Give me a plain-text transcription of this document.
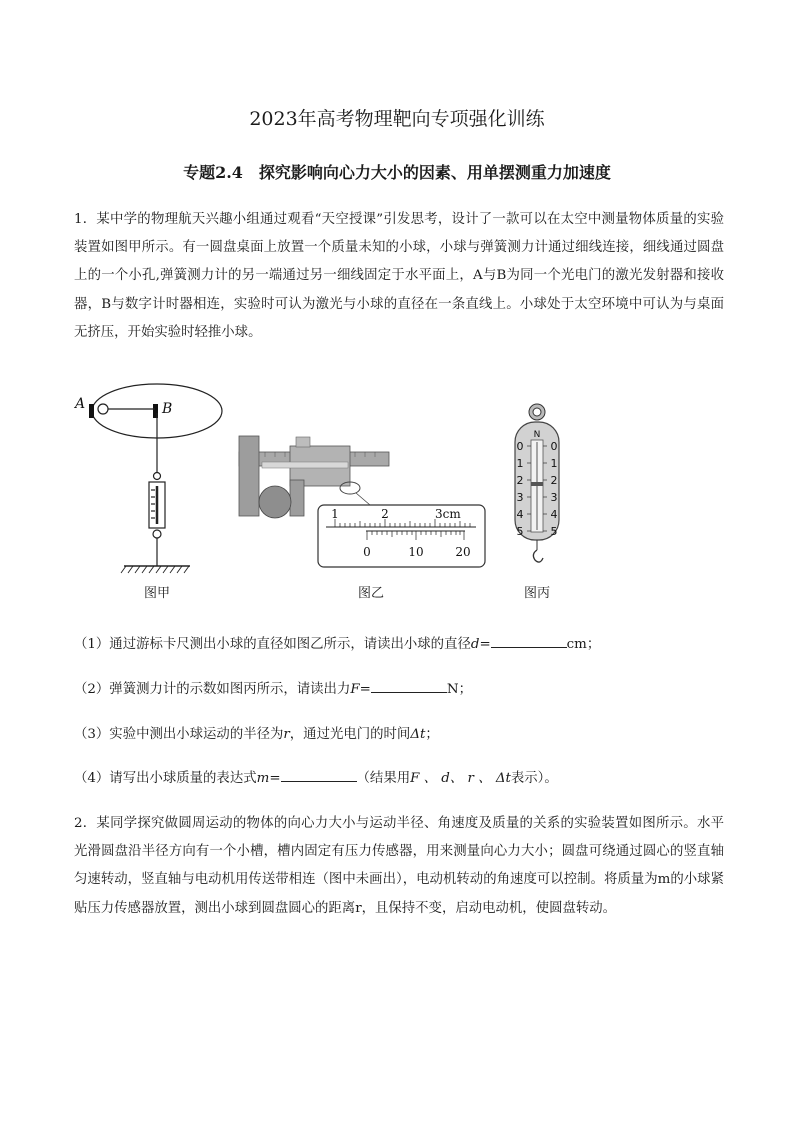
2023年高考物理靶向专项强化训练
专题2.4　探究影响向心力大小的因素、用单摆测重力加速度
1．某中学的物理航天兴趣小组通过观看“天空授课”引发思考，设计了一款可以在太空中测量物体质量的实验装置如图甲所示。有一圆盘桌面上放置一个质量未知的小球，小球与弹簧测力计通过细线连接，细线通过圆盘上的一个小孔,弹簧测力计的另一端通过另一细线固定于水平面上，A与B为同一个光电门的激光发射器和接收器，B与数字计时器相连，实验时可认为激光与小球的直径在一条直线上。小球处于太空环境中可认为与桌面无挤压，开始实验时轻推小球。
A	B
1	2	3cm
0	10	20
N
0
1
2
3
4
5
0
1
2
3
4
5
图甲	图乙	图丙
（1）通过游标卡尺测出小球的直径如图乙所示，请读出小球的直径d=	cm；
（2）弹簧测力计的示数如图丙所示，请读出力F=	N；
（3）实验中测出小球运动的半径为r，通过光电门的时间Δt；
（4）请写出小球质量的表达式m=	（结果用F 、 d、 r 、 Δt表示）。
2．某同学探究做圆周运动的物体的向心力大小与运动半径、角速度及质量的关系的实验装置如图所示。水平光滑圆盘沿半径方向有一个小槽，槽内固定有压力传感器，用来测量向心力大小；圆盘可绕通过圆心的竖直轴匀速转动，竖直轴与电动机用传送带相连（图中未画出），电动机转动的角速度可以控制。将质量为m的小球紧贴压力传感器放置，测出小球到圆盘圆心的距离r，且保持不变，启动电动机，使圆盘转动。
